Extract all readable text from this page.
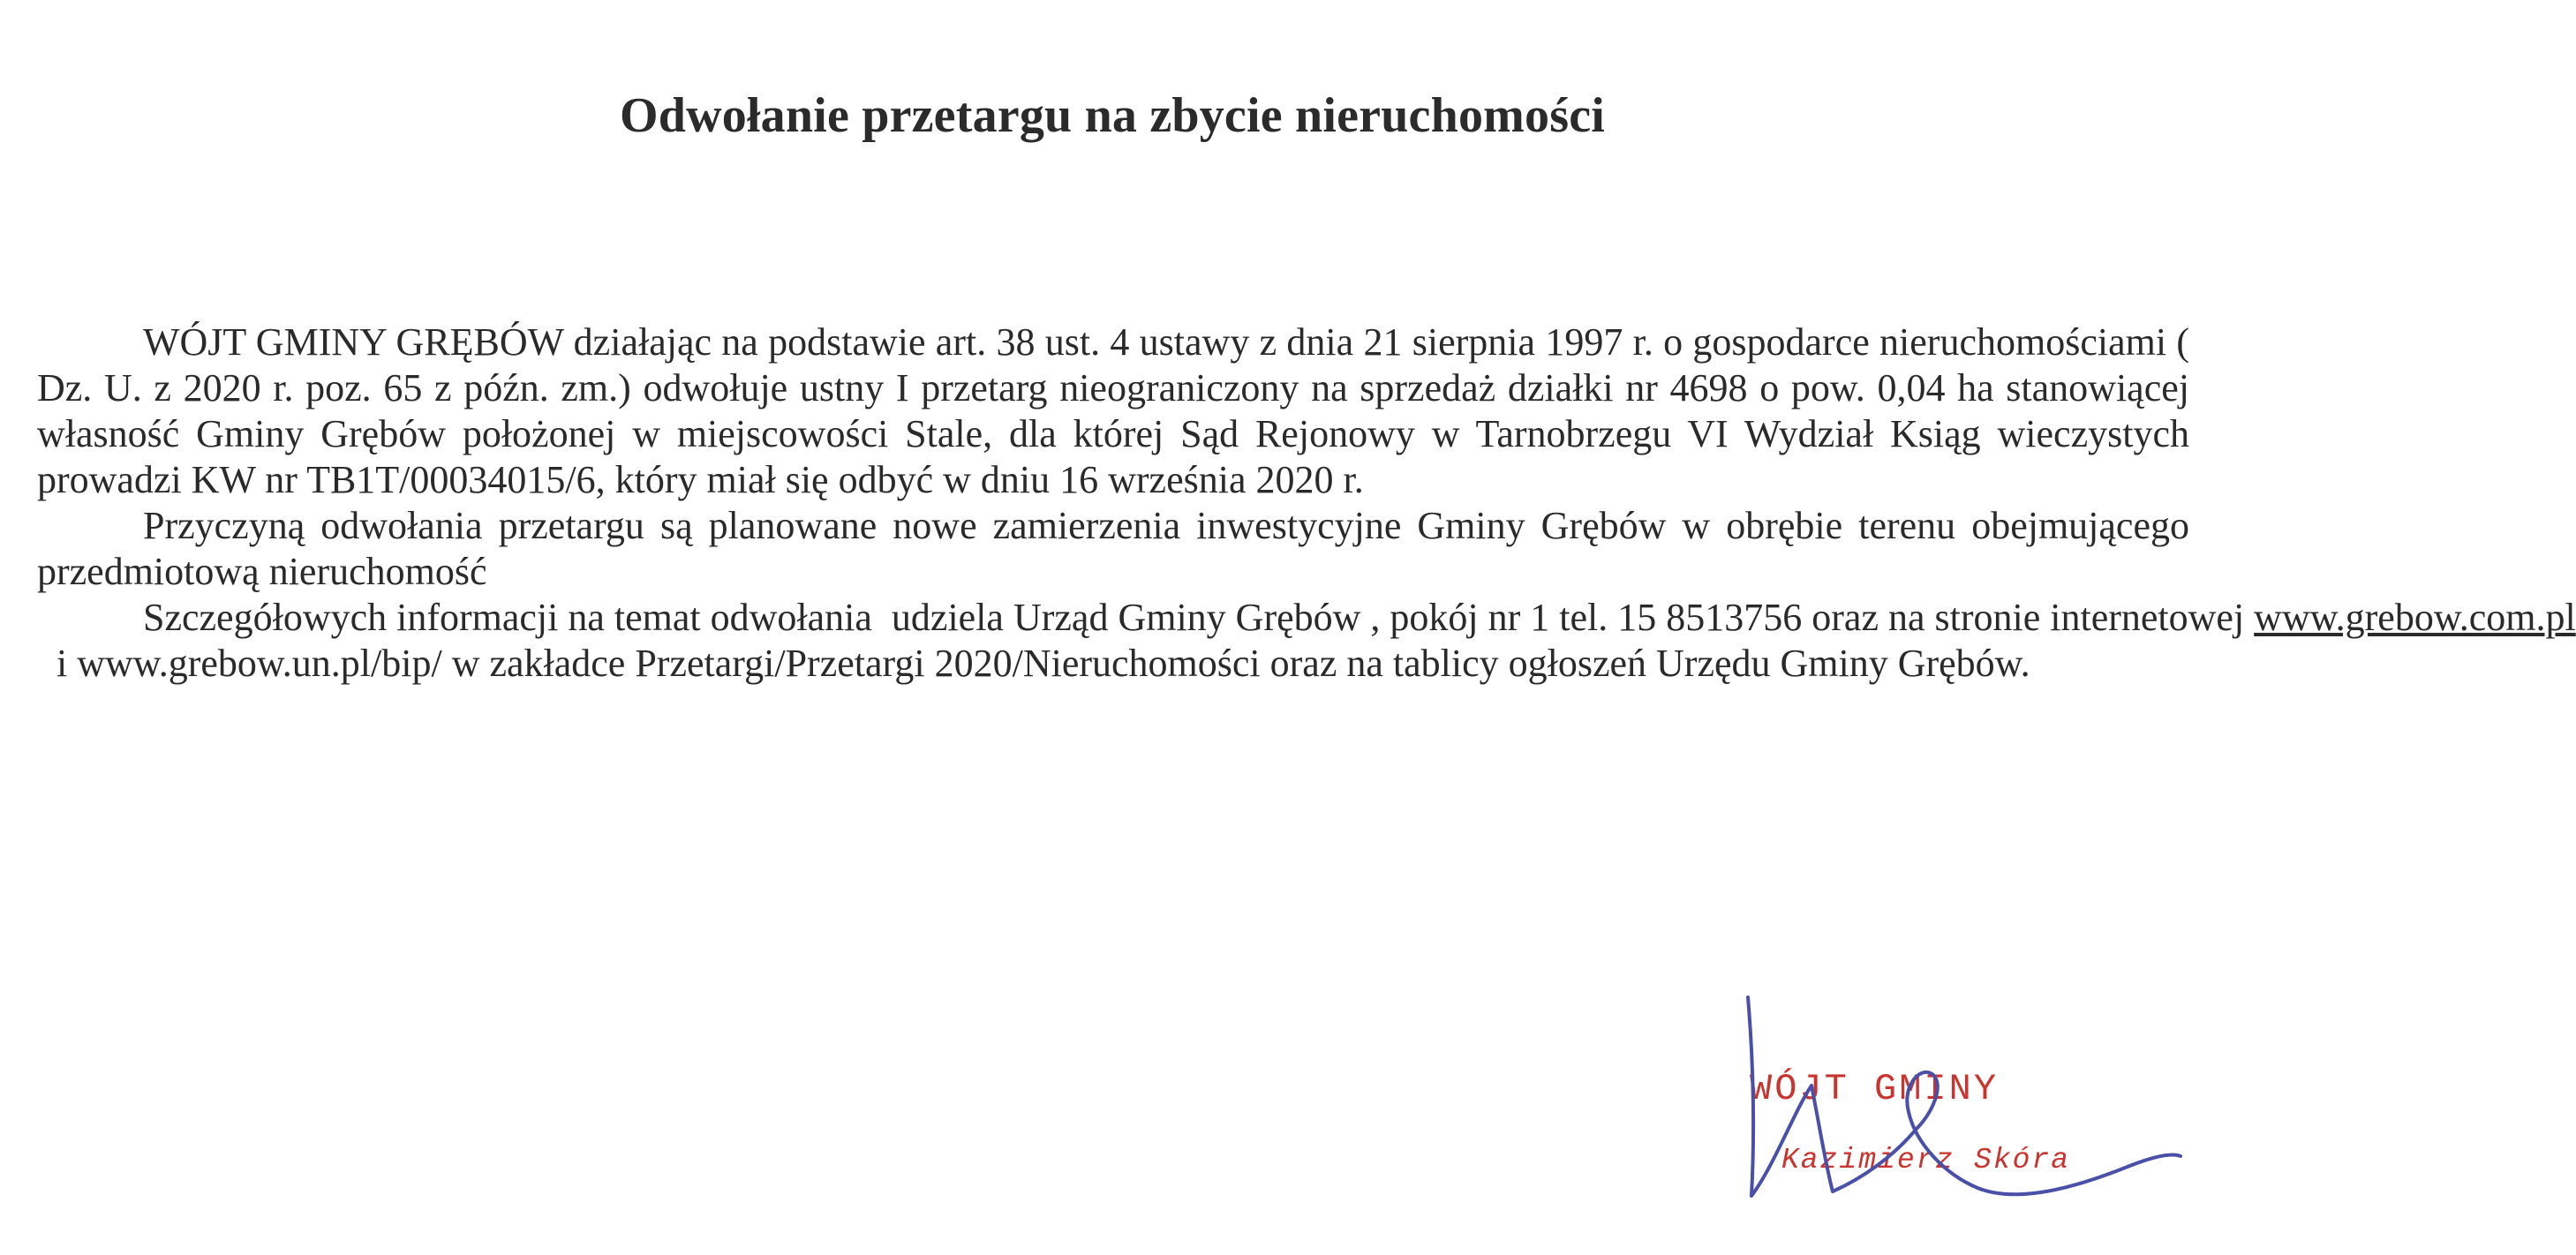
Odwołanie przetargu na zbycie nieruchomości

WÓJT GMINY GRĘBÓW działając na podstawie art. 38 ust. 4 ustawy z dnia 21 sierpnia 1997 r. o gospodarce nieruchomościami ( Dz. U. z 2020 r. poz. 65 z późn. zm.) odwołuje ustny I przetarg nieograniczony na sprzedaż działki nr 4698 o pow. 0,04 ha stanowiącej własność Gminy Grębów położonej w miejscowości Stale, dla której Sąd Rejonowy w Tarnobrzegu VI Wydział Ksiąg wieczystych prowadzi KW nr TB1T/00034015/6, który miał się odbyć w dniu 16 września 2020 r.

Przyczyną odwołania przetargu są planowane nowe zamierzenia inwestycyjne Gminy Grębów w obrębie terenu obejmującego przedmiotową nieruchomość

Szczegółowych informacji na temat odwołania  udziela Urząd Gminy Grębów , pokój nr 1 tel. 15 8513756 oraz na stronie internetowej www.grebow.com.pl  i www.grebow.un.pl/bip/ w zakładce Przetargi/Przetargi 2020/Nieruchomości oraz na tablicy ogłoszeń Urzędu Gminy Grębów.

WÓJT GMINY
Kazimierz Skóra
